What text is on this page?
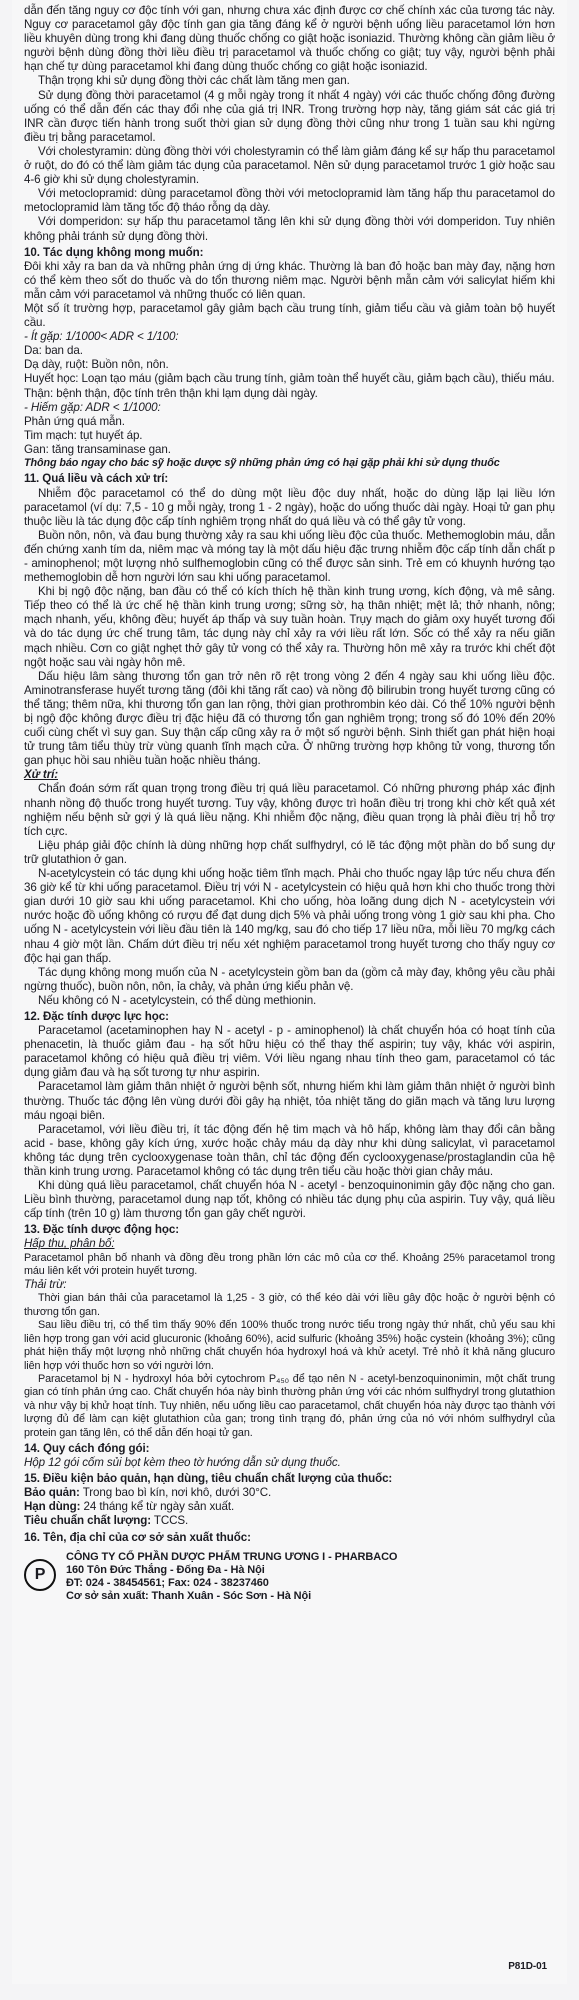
dẫn đến tăng nguy cơ độc tính với gan, nhưng chưa xác định được cơ chế chính xác của tương tác này. Nguy cơ paracetamol gây độc tính gan gia tăng đáng kể ở người bệnh uống liều paracetamol lớn hơn liều khuyên dùng trong khi đang dùng thuốc chống co giật hoặc isoniazid. Thường không cần giảm liều ở người bệnh dùng đồng thời liều điều trị paracetamol và thuốc chống co giật; tuy vậy, người bệnh phải hạn chế tự dùng paracetamol khi đang dùng thuốc chống co giật hoặc isoniazid.

Thận trọng khi sử dụng đồng thời các chất làm tăng men gan.

Sử dụng đồng thời paracetamol (4 g mỗi ngày trong ít nhất 4 ngày) với các thuốc chống đông đường uống có thể dẫn đến các thay đổi nhẹ của giá trị INR. Trong trường hợp này, tăng giám sát các giá trị INR cần được tiến hành trong suốt thời gian sử dụng đồng thời cũng như trong 1 tuần sau khi ngừng điều trị bằng paracetamol.

Với cholestyramin: dùng đồng thời với cholestyramin có thể làm giảm đáng kể sự hấp thu paracetamol ở ruột, do đó có thể làm giảm tác dụng của paracetamol. Nên sử dụng paracetamol trước 1 giờ hoặc sau 4-6 giờ khi sử dụng cholestyramin.

Với metoclopramid: dùng paracetamol đồng thời với metoclopramid làm tăng hấp thu paracetamol do metoclopramid làm tăng tốc độ tháo rỗng dạ dày.

Với domperidon: sự hấp thu paracetamol tăng lên khi sử dụng đồng thời với domperidon. Tuy nhiên không phải tránh sử dụng đồng thời.

10. Tác dụng không mong muốn:

Đôi khi xảy ra ban da và những phản ứng dị ứng khác. Thường là ban đỏ hoặc ban mày đay, nặng hơn có thể kèm theo sốt do thuốc và do tổn thương niêm mạc. Người bệnh mẫn cảm với salicylat hiếm khi mẫn cảm với paracetamol và những thuốc có liên quan.

Một số ít trường hợp, paracetamol gây giảm bạch cầu trung tính, giảm tiểu cầu và giảm toàn bộ huyết cầu.

- Ít gặp: 1/1000< ADR < 1/100:

Da: ban da.

Dạ dày, ruột: Buồn nôn, nôn.

Huyết học: Loạn tạo máu (giảm bạch cầu trung tính, giảm toàn thể huyết cầu, giảm bạch cầu), thiếu máu.

Thận: bệnh thận, độc tính trên thận khi lạm dụng dài ngày.

- Hiếm gặp: ADR < 1/1000:

Phản ứng quá mẫn.

Tim mạch: tụt huyết áp.

Gan: tăng transaminase gan.

Thông báo ngay cho bác sỹ hoặc dược sỹ những phản ứng có hại gặp phải khi sử dụng thuốc

11. Quá liều và cách xử trí:

Nhiễm độc paracetamol có thể do dùng một liều độc duy nhất, hoặc do dùng lặp lại liều lớn paracetamol (ví dụ: 7,5 - 10 g mỗi ngày, trong 1 - 2 ngày), hoặc do uống thuốc dài ngày. Hoại tử gan phụ thuộc liều là tác dụng độc cấp tính nghiêm trọng nhất do quá liều và có thể gây tử vong.

Buồn nôn, nôn, và đau bụng thường xảy ra sau khi uống liều độc của thuốc. Methemoglobin máu, dẫn đến chứng xanh tím da, niêm mạc và móng tay là một dấu hiệu đặc trưng nhiễm độc cấp tính dẫn chất p - aminophenol; một lượng nhỏ sulfhemoglobin cũng có thể được sản sinh. Trẻ em có khuynh hướng tạo methemoglobin dễ hơn người lớn sau khi uống paracetamol.

Khi bị ngộ độc nặng, ban đầu có thể có kích thích hệ thần kinh trung ương, kích động, và mê sảng. Tiếp theo có thể là ức chế hệ thần kinh trung ương; sững sờ, hạ thân nhiệt; mệt lả; thở nhanh, nông; mạch nhanh, yếu, không đều; huyết áp thấp và suy tuần hoàn. Trụy mạch do giảm oxy huyết tương đối và do tác dụng ức chế trung tâm, tác dụng này chỉ xảy ra với liều rất lớn. Sốc có thể xảy ra nếu giãn mạch nhiều. Cơn co giật nghẹt thở gây tử vong có thể xảy ra. Thường hôn mê xảy ra trước khi chết đột ngột hoặc sau vài ngày hôn mê.

Dấu hiệu lâm sàng thương tổn gan trở nên rõ rệt trong vòng 2 đến 4 ngày sau khi uống liều độc. Aminotransferase huyết tương tăng (đôi khi tăng rất cao) và nồng độ bilirubin trong huyết tương cũng có thể tăng; thêm nữa, khi thương tổn gan lan rộng, thời gian prothrombin kéo dài. Có thể 10% người bệnh bị ngộ độc không được điều trị đặc hiệu đã có thương tổn gan nghiêm trọng; trong số đó 10% đến 20% cuối cùng chết vì suy gan. Suy thận cấp cũng xảy ra ở một số người bệnh. Sinh thiết gan phát hiện hoại tử trung tâm tiểu thùy trừ vùng quanh tĩnh mạch cửa. Ở những trường hợp không tử vong, thương tổn gan phục hồi sau nhiều tuần hoặc nhiều tháng.

Xử trí:

Chẩn đoán sớm rất quan trọng trong điều trị quá liều paracetamol. Có những phương pháp xác định nhanh nồng độ thuốc trong huyết tương. Tuy vậy, không được trì hoãn điều trị trong khi chờ kết quả xét nghiệm nếu bệnh sử gợi ý là quá liều nặng. Khi nhiễm độc nặng, điều quan trọng là phải điều trị hỗ trợ tích cực.

Liệu pháp giải độc chính là dùng những hợp chất sulfhydryl, có lẽ tác động một phần do bổ sung dự trữ glutathion ở gan.

N-acetylcystein có tác dụng khi uống hoặc tiêm tĩnh mạch. Phải cho thuốc ngay lập tức nếu chưa đến 36 giờ kể từ khi uống paracetamol. Điều trị với N - acetylcystein có hiệu quả hơn khi cho thuốc trong thời gian dưới 10 giờ sau khi uống paracetamol. Khi cho uống, hòa loãng dung dịch N - acetylcystein với nước hoặc đồ uống không có rượu để đạt dung dịch 5% và phải uống trong vòng 1 giờ sau khi pha. Cho uống N - acetylcystein với liều đầu tiên là 140 mg/kg, sau đó cho tiếp 17 liều nữa, mỗi liều 70 mg/kg cách nhau 4 giờ một lần. Chấm dứt điều trị nếu xét nghiệm paracetamol trong huyết tương cho thấy nguy cơ độc hại gan thấp.

Tác dụng không mong muốn của N - acetylcystein gồm ban da (gồm cả mày đay, không yêu cầu phải ngừng thuốc), buồn nôn, nôn, ỉa chảy, và phản ứng kiểu phản vệ.

Nếu không có N - acetylcystein, có thể dùng methionin.

12. Đặc tính dược lực học:

Paracetamol (acetaminophen hay N - acetyl - p - aminophenol) là chất chuyển hóa có hoạt tính của phenacetin, là thuốc giảm đau - hạ sốt hữu hiệu có thể thay thế aspirin; tuy vậy, khác với aspirin, paracetamol không có hiệu quả điều trị viêm. Với liều ngang nhau tính theo gam, paracetamol có tác dụng giảm đau và hạ sốt tương tự như aspirin.

Paracetamol làm giảm thân nhiệt ở người bệnh sốt, nhưng hiếm khi làm giảm thân nhiệt ở người bình thường. Thuốc tác động lên vùng dưới đồi gây hạ nhiệt, tỏa nhiệt tăng do giãn mạch và tăng lưu lượng máu ngoại biên.

Paracetamol, với liều điều trị, ít tác động đến hệ tim mạch và hô hấp, không làm thay đổi cân bằng acid - base, không gây kích ứng, xước hoặc chảy máu dạ dày như khi dùng salicylat, vì paracetamol không tác dụng trên cyclooxygenase toàn thân, chỉ tác động đến cyclooxygenase/prostaglandin của hệ thần kinh trung ương. Paracetamol không có tác dụng trên tiểu cầu hoặc thời gian chảy máu.

Khi dùng quá liều paracetamol, chất chuyển hóa N - acetyl - benzoquinonimin gây độc nặng cho gan. Liều bình thường, paracetamol dung nạp tốt, không có nhiều tác dụng phụ của aspirin. Tuy vậy, quá liều cấp tính (trên 10 g) làm thương tổn gan gây chết người.

13. Đặc tính dược động học:

Hấp thu, phân bố:

Paracetamol phân bố nhanh và đồng đều trong phần lớn các mô của cơ thể. Khoảng 25% paracetamol trong máu liên kết với protein huyết tương.

Thải trừ:

Thời gian bán thải của paracetamol là 1,25 - 3 giờ, có thể kéo dài với liều gây độc hoặc ở người bệnh có thương tổn gan.

Sau liều điều trị, có thể tìm thấy 90% đến 100% thuốc trong nước tiểu trong ngày thứ nhất, chủ yếu sau khi liên hợp trong gan với acid glucuronic (khoảng 60%), acid sulfuric (khoảng 35%) hoặc cystein (khoảng 3%); cũng phát hiện thấy một lượng nhỏ những chất chuyển hóa hydroxyl hoá và khử acetyl. Trẻ nhỏ ít khả năng glucuro liên hợp với thuốc hơn so với người lớn.

Paracetamol bị N - hydroxyl hóa bởi cytochrom P₄₅₀ để tạo nên N - acetyl-benzoquinonimin, một chất trung gian có tính phản ứng cao. Chất chuyển hóa này bình thường phản ứng với các nhóm sulfhydryl trong glutathion và như vậy bị khử hoạt tính. Tuy nhiên, nếu uống liều cao paracetamol, chất chuyển hóa này được tạo thành với lượng đủ để làm cạn kiệt glutathion của gan; trong tình trạng đó, phản ứng của nó với nhóm sulfhydryl của protein gan tăng lên, có thể dẫn đến hoại tử gan.

14. Quy cách đóng gói:

Hộp 12 gói cốm sủi bọt kèm theo tờ hướng dẫn sử dụng thuốc.

15. Điều kiện bảo quản, hạn dùng, tiêu chuẩn chất lượng của thuốc:

Bảo quản: Trong bao bì kín, nơi khô, dưới 30°C.

Hạn dùng: 24 tháng kể từ ngày sản xuất.

Tiêu chuẩn chất lượng: TCCS.

16. Tên, địa chỉ của cơ sở sản xuất thuốc:

P
CÔNG TY CỔ PHẦN DƯỢC PHẨM TRUNG ƯƠNG I - PHARBACO
160 Tôn Đức Thắng - Đống Đa - Hà Nội
ĐT: 024 - 38454561; Fax: 024 - 38237460
Cơ sở sản xuất: Thanh Xuân - Sóc Sơn - Hà Nội
P81D-01
